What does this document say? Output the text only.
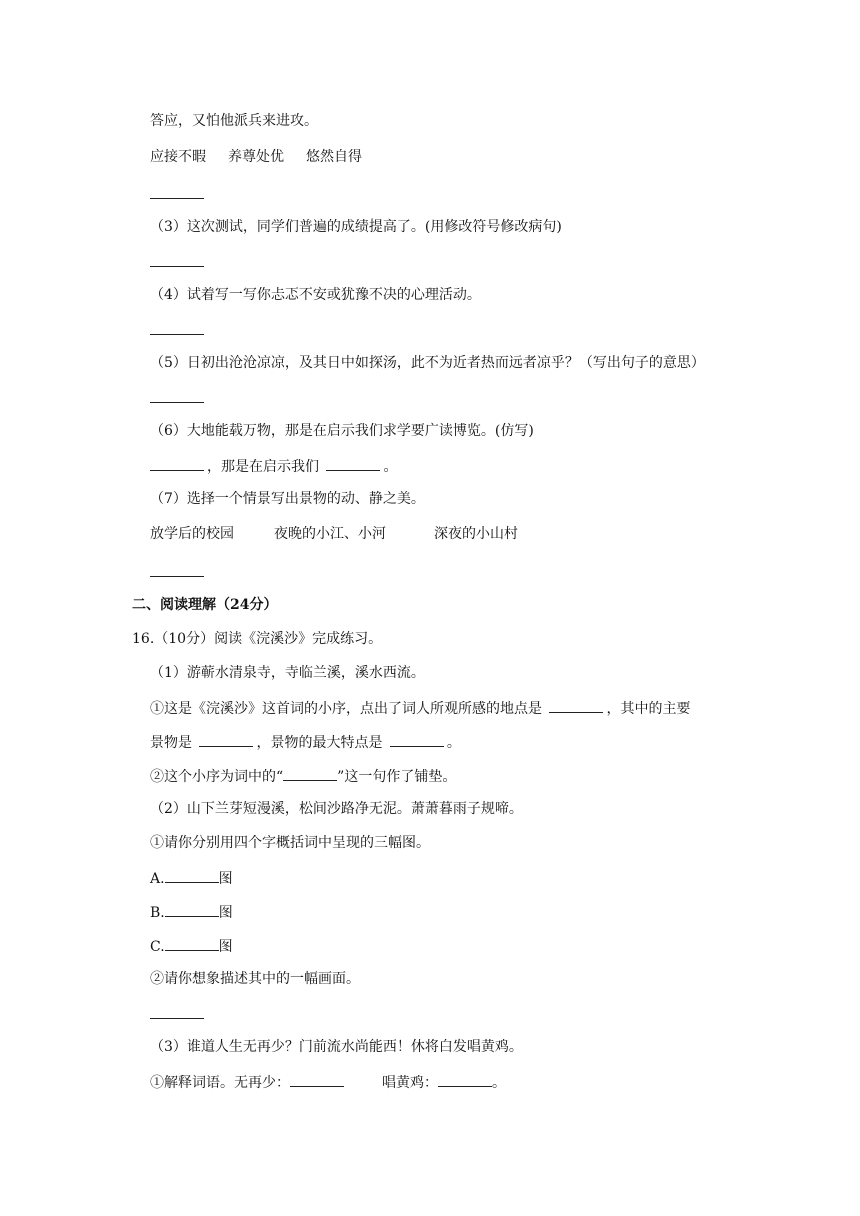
答应，又怕他派兵来进攻。
应接不暇 养尊处优 悠然自得
（3）这次测试，同学们普遍的成绩提高了。(用修改符号修改病句)
（4）试着写一写你忐忑不安或犹豫不决的心理活动。
（5）日初出沧沧凉凉，及其日中如探汤，此不为近者热而远者凉乎？（写出句子的意思）
（6）大地能载万物，那是在启示我们求学要广读博览。(仿写)
，那是在启示我们	。
（7）选择一个情景写出景物的动、静之美。
放学后的校园	夜晚的小江、小河	深夜的小山村
二、阅读理解（24分）
16.（10分）阅读《浣溪沙》完成练习。
（1）游蕲水清泉寺，寺临兰溪，溪水西流。
①这是《浣溪沙》这首词的小序，点出了词人所观所感的地点是	，其中的主要
景物是	，景物的最大特点是	。
②这个小序为词中的“	”这一句作了铺垫。
（2）山下兰芽短漫溪，松间沙路净无泥。萧萧暮雨子规啼。
①请你分别用四个字概括词中呈现的三幅图。
A.	图
B.	图
C.	图
②请你想象描述其中的一幅画面。
（3）谁道人生无再少？门前流水尚能西！休将白发唱黄鸡。
①解释词语。无再少：	唱黄鸡：	。
